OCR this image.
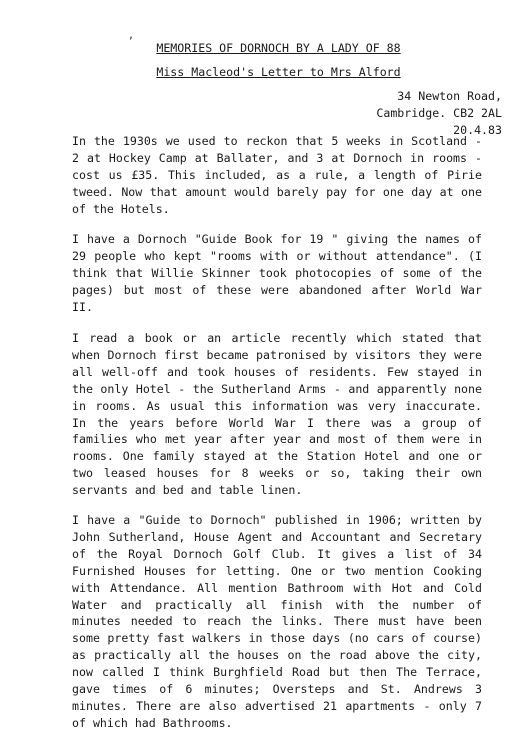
,
MEMORIES OF DORNOCH BY A LADY OF 88
Miss Macleod's Letter to Mrs Alford
34 Newton Road,
Cambridge. CB2 2AL
20.4.83

In the 1930s we used to reckon that 5 weeks in Scotland - 2 at Hockey Camp at Ballater, and 3 at Dornoch in rooms - cost us £35. This included, as a rule, a length of Pirie tweed. Now that amount would barely pay for one day at one of the Hotels.

I have a Dornoch "Guide Book for 19 " giving the names of 29 people who kept "rooms with or without attendance". (I think that Willie Skinner took photocopies of some of the pages) but most of these were abandoned after World War II.

I read a book or an article recently which stated that when Dornoch first became patronised by visitors they were all well-off and took houses of residents. Few stayed in the only Hotel - the Sutherland Arms - and apparently none in rooms. As usual this information was very inaccurate. In the years before World War I there was a group of families who met year after year and most of them were in rooms. One family stayed at the Station Hotel and one or two leased houses for 8 weeks or so, taking their own servants and bed and table linen.

I have a "Guide to Dornoch" published in 1906; written by John Sutherland, House Agent and Accountant and Secretary of the Royal Dornoch Golf Club. It gives a list of 34 Furnished Houses for letting. One or two mention Cooking with Attendance. All mention Bathroom with Hot and Cold Water and practically all finish with the number of minutes needed to reach the links. There must have been some pretty fast walkers in those days (no cars of course) as practically all the houses on the road above the city, now called I think Burghfield Road but then The Terrace, gave times of 6 minutes; Oversteps and St. Andrews 3 minutes. There are also advertised 21 apartments - only 7 of which had Bathrooms.
